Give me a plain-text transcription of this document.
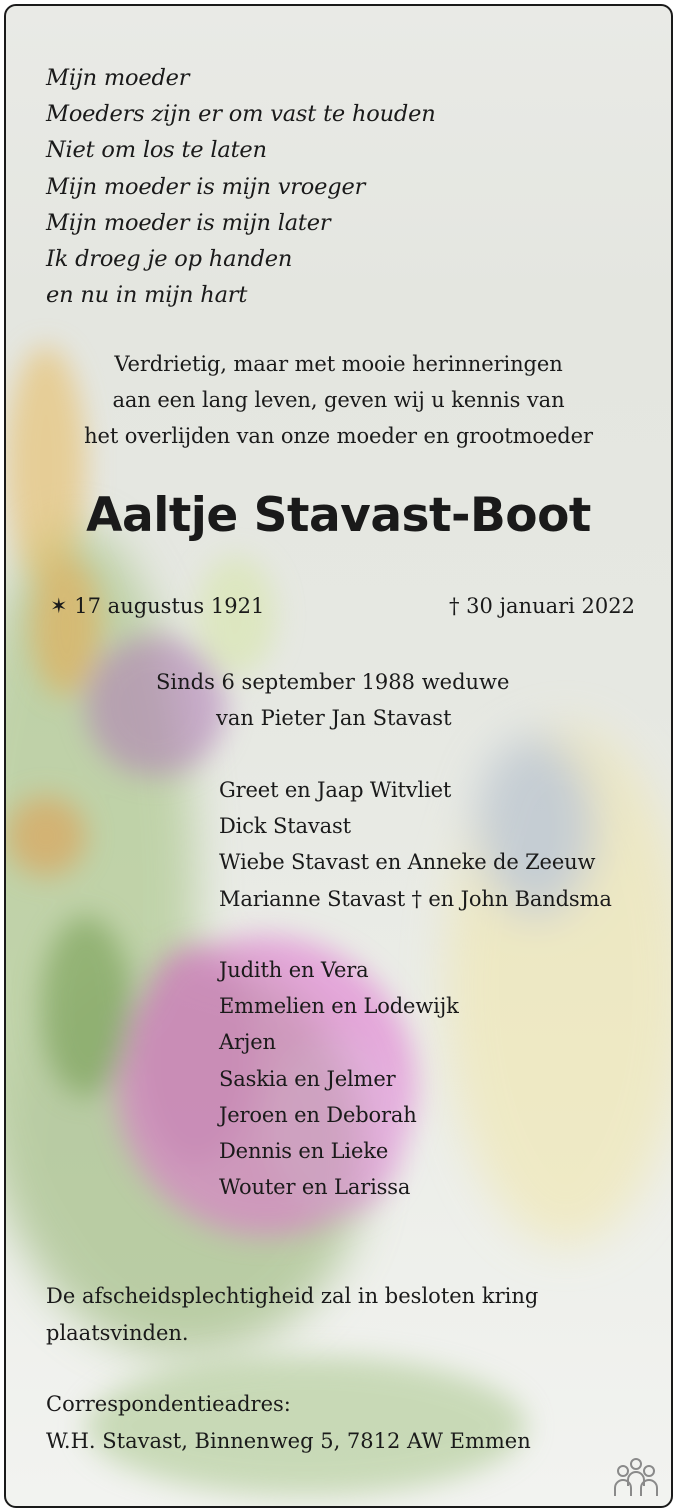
Mijn moeder
Moeders zijn er om vast te houden
Niet om los te laten
Mijn moeder is mijn vroeger
Mijn moeder is mijn later
Ik droeg je op handen
en nu in mijn hart
Verdrietig, maar met mooie herinneringen
aan een lang leven, geven wij u kennis van
het overlijden van onze moeder en grootmoeder
Aaltje Stavast-Boot
✶ 17 augustus 1921	† 30 januari 2022
Sinds 6 september 1988 weduwe
van Pieter Jan Stavast
Greet en Jaap Witvliet
Dick Stavast
Wiebe Stavast en Anneke de Zeeuw
Marianne Stavast † en John Bandsma
Judith en Vera
Emmelien en Lodewijk
Arjen
Saskia en Jelmer
Jeroen en Deborah
Dennis en Lieke
Wouter en Larissa
De afscheidsplechtigheid zal in besloten kring
plaatsvinden.
Correspondentieadres:
W.H. Stavast, Binnenweg 5, 7812 AW Emmen
